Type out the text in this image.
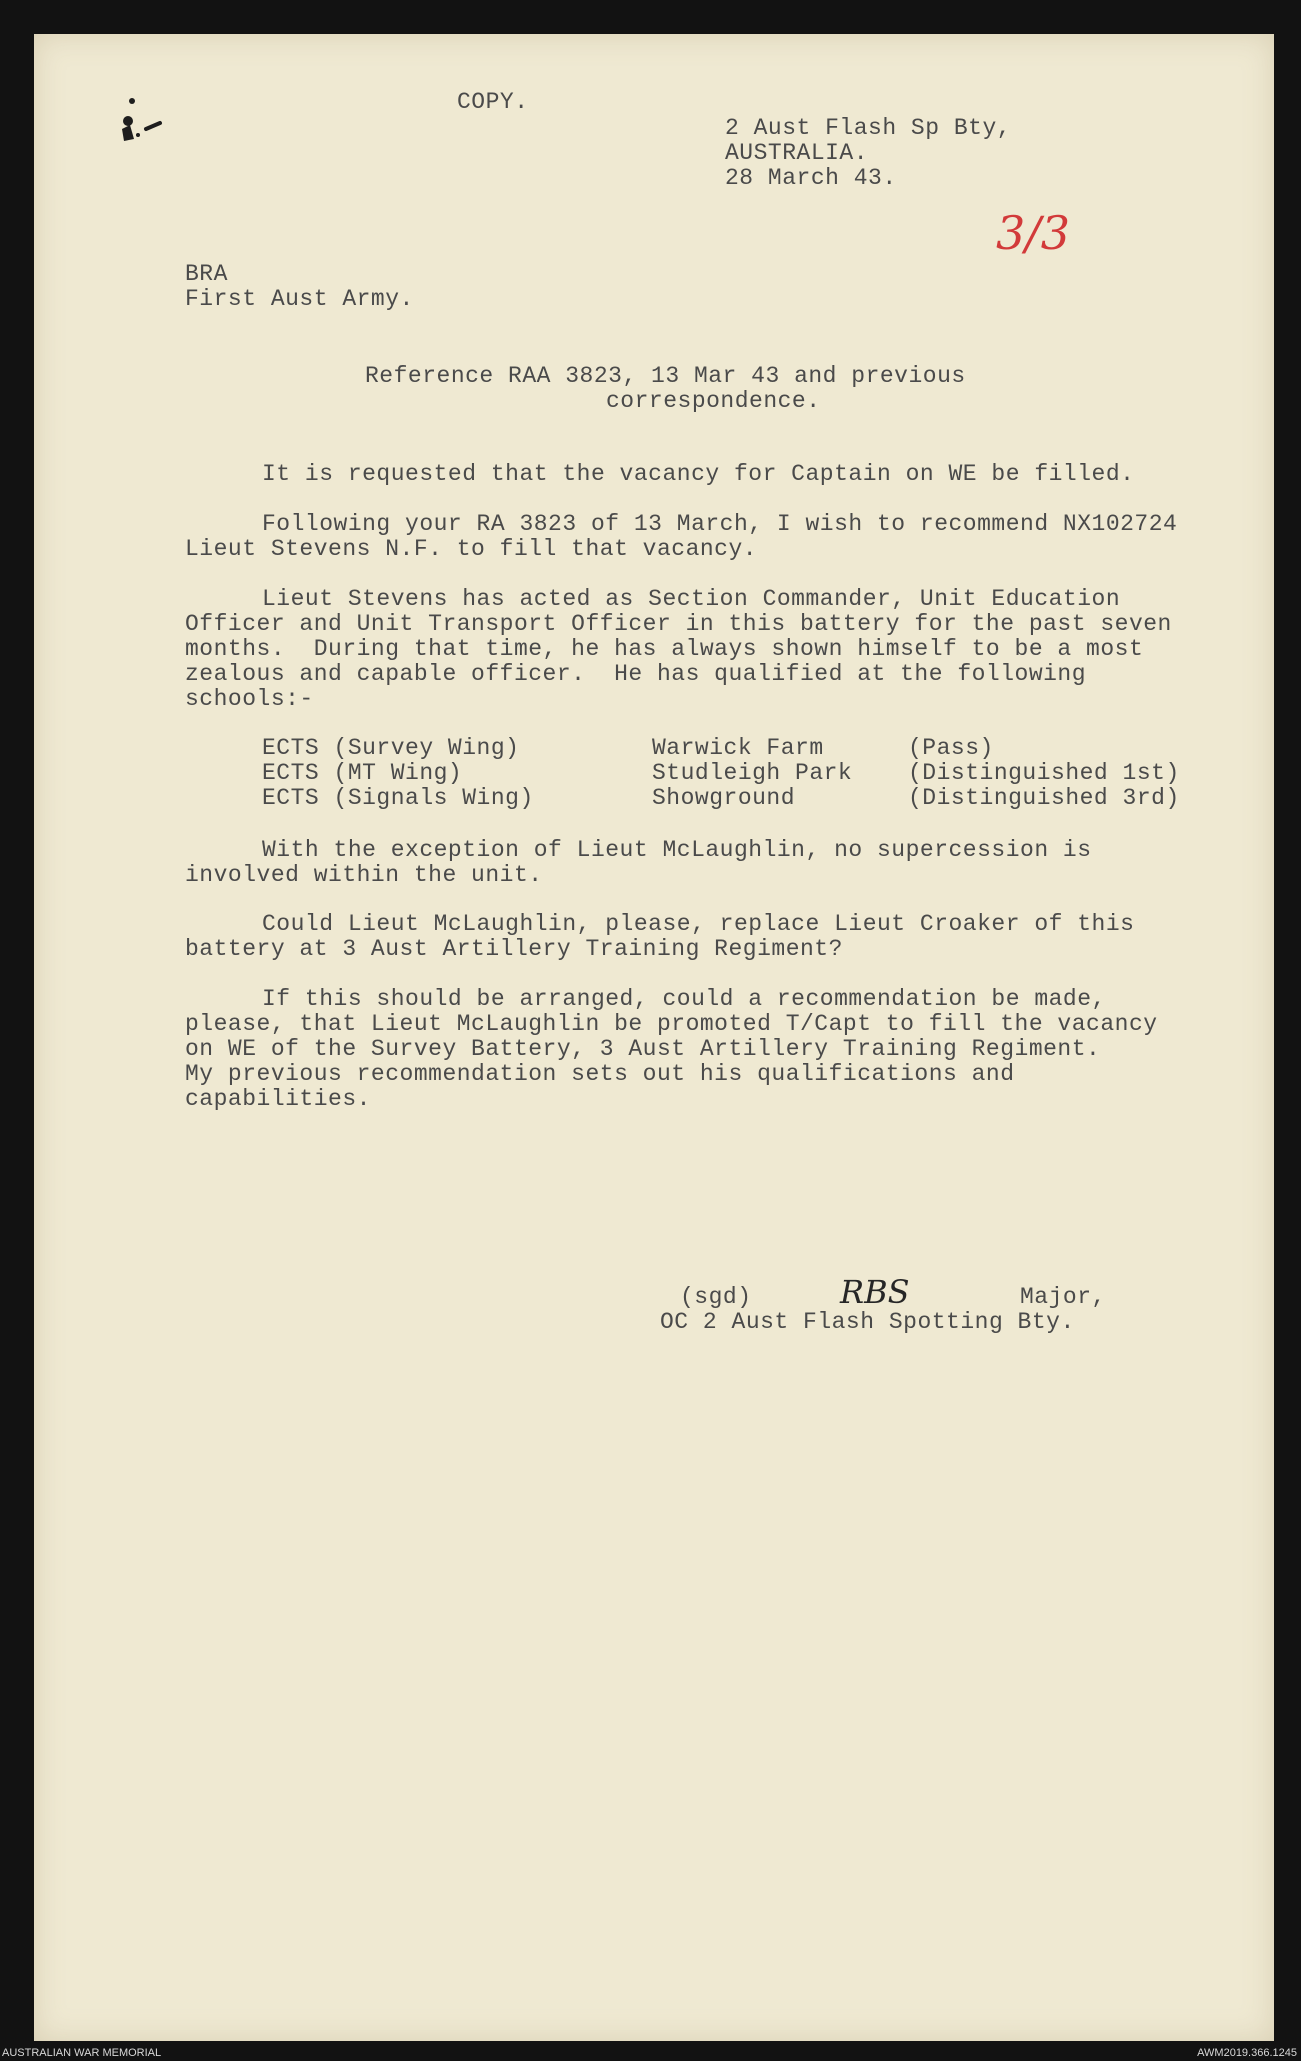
COPY.
2 Aust Flash Sp Bty,
AUSTRALIA.
28 March 43.
3/3
BRA
First Aust Army.
Reference RAA 3823, 13 Mar 43 and previous
correspondence.
It is requested that the vacancy for Captain on WE be filled.
Following your RA 3823 of 13 March, I wish to recommend NX102724
Lieut Stevens N.F. to fill that vacancy.
Lieut Stevens has acted as Section Commander, Unit Education
Officer and Unit Transport Officer in this battery for the past seven
months.  During that time, he has always shown himself to be a most
zealous and capable officer.  He has qualified at the following
schools:-
ECTS (Survey Wing)	Warwick Farm	(Pass)
ECTS (MT Wing)	Studleigh Park (Distinguished 1st)
ECTS (Signals Wing)	Showground	(Distinguished 3rd)
With the exception of Lieut McLaughlin, no supercession is
involved within the unit.
Could Lieut McLaughlin, please, replace Lieut Croaker of this
battery at 3 Aust Artillery Training Regiment?
If this should be arranged, could a recommendation be made,
please, that Lieut McLaughlin be promoted T/Capt to fill the vacancy
on WE of the Survey Battery, 3 Aust Artillery Training Regiment.
My previous recommendation sets out his qualifications and
capabilities.
(sgd)	RBS	Major,
OC 2 Aust Flash Spotting Bty.
AUSTRALIAN WAR MEMORIAL	AWM2019.366.1245
